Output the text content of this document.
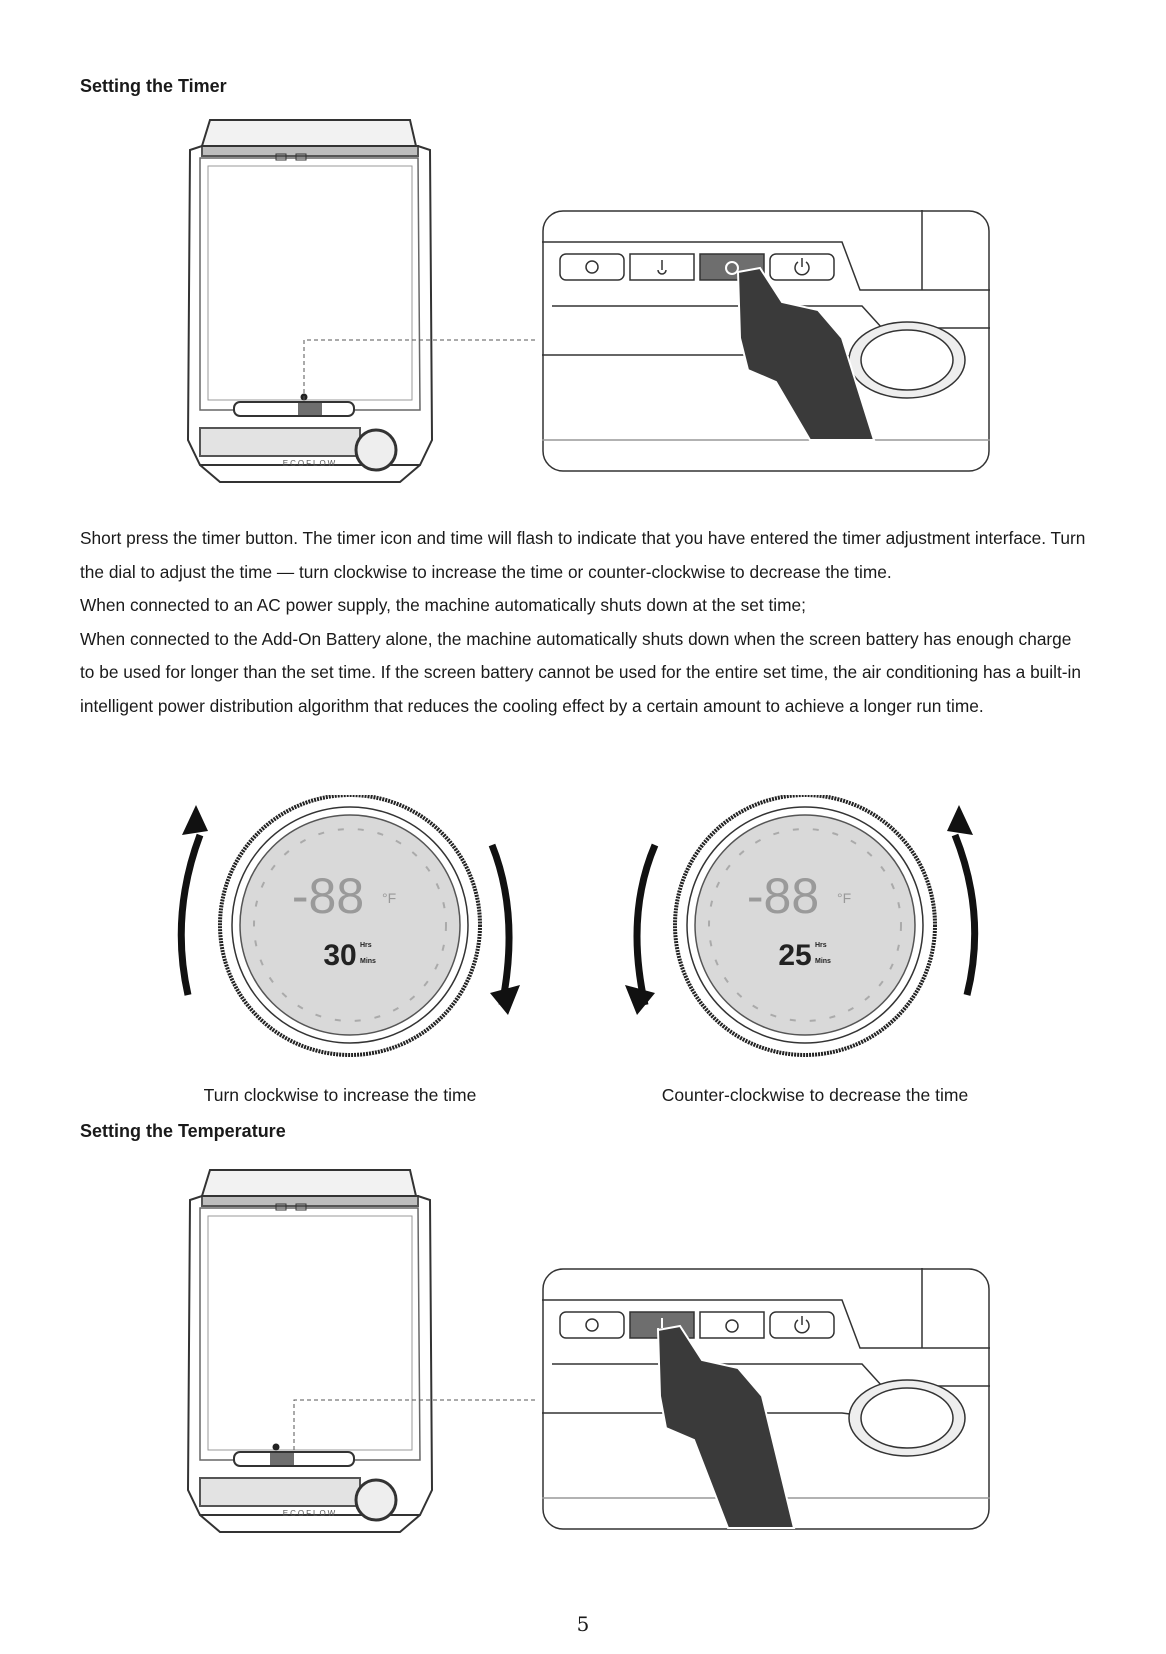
Setting the Timer
ECOFLOW

Short press the timer button. The timer icon and time will flash to indicate that you have entered the timer adjustment interface. Turn the dial to adjust the time — turn clockwise to increase the time or counter-clockwise to decrease the time.

When connected to an AC power supply, the machine automatically shuts down at the set time;

When connected to the Add-On Battery alone, the machine automatically shuts down when the screen battery has enough charge to be used for longer than the set time. If the screen battery cannot be used for the entire set time, the air conditioning has a built-in intelligent power distribution algorithm that reduces the cooling effect by a certain amount to achieve a longer run time.

-88 °F
30 Hrs
Mins
-88 °F
25 Hrs
Mins
Turn clockwise to increase the time	Counter-clockwise to decrease the time
Setting the Temperature
ECOFLOW
5
